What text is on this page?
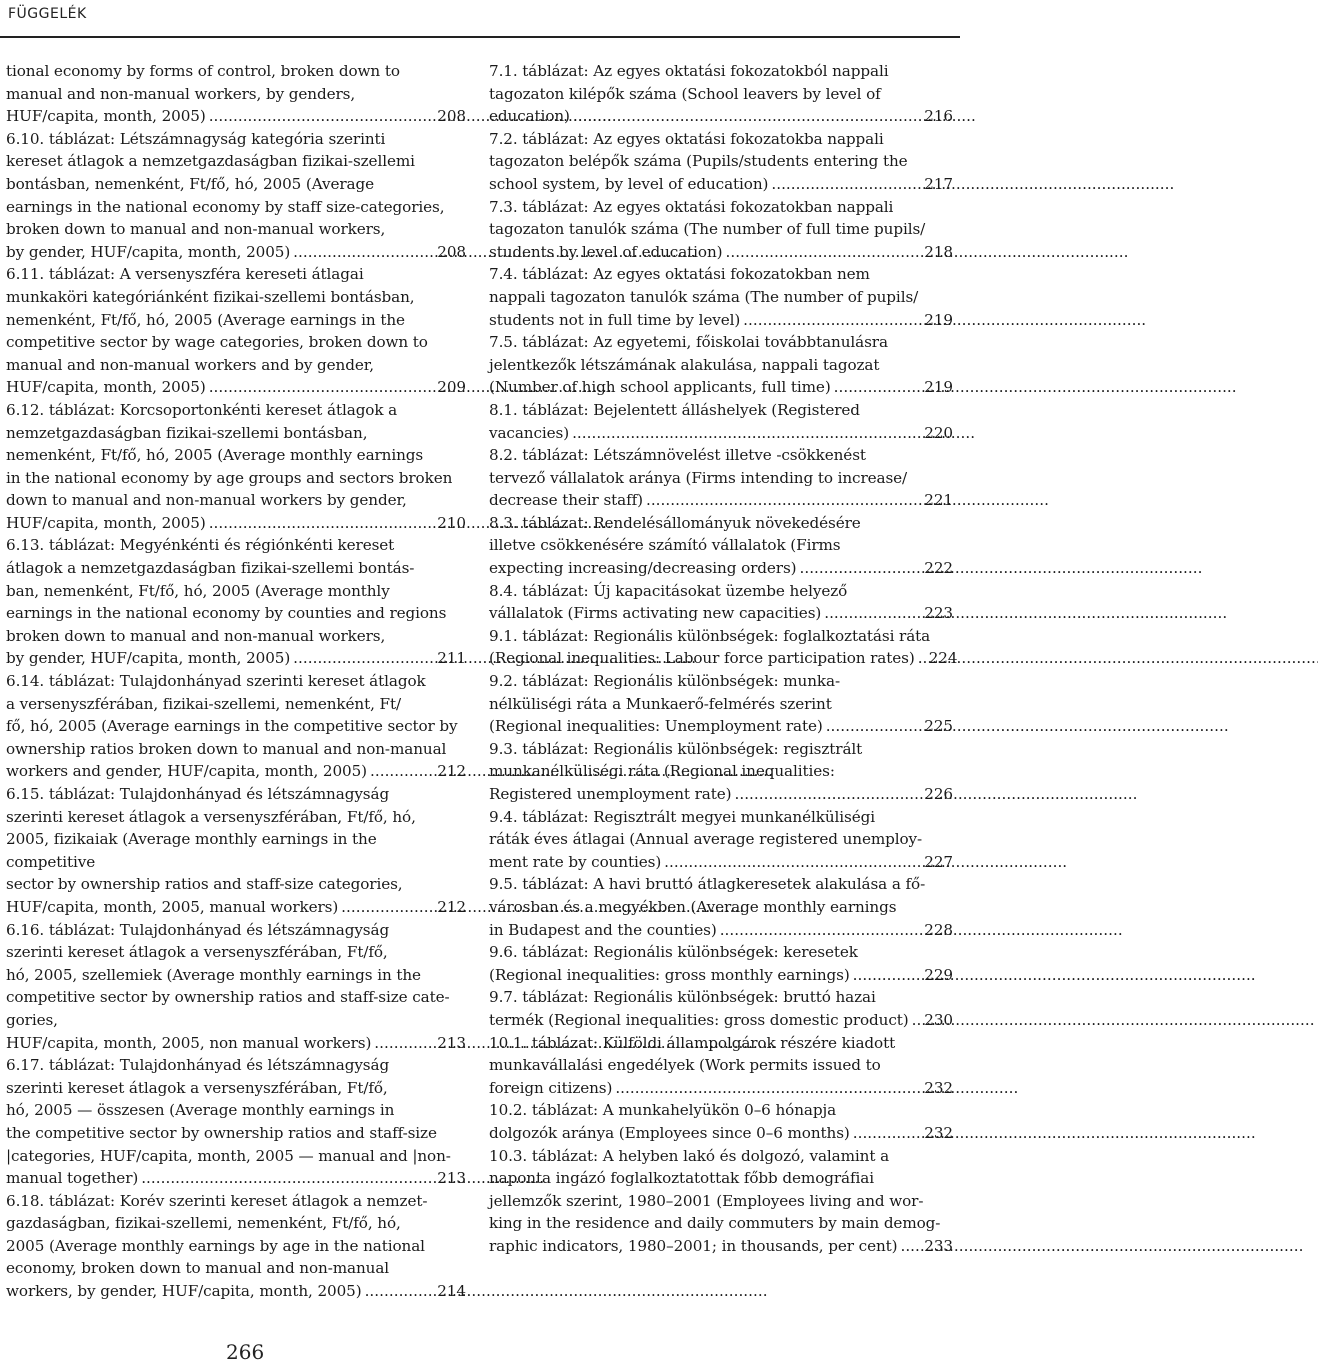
FÜGGELÉK
tional economy by forms of control, broken down to
manual and non-manual workers, by genders,
HUF/capita, month, 2005) . . .	208
6.10. táblázat: Létszámnagyság kategória szerinti
kereset átlagok a nemzetgazdaságban fizikai-szellemi
bontásban, nemenként, Ft/fő, hó, 2005 (Average
earnings in the national economy by staff size-categories,
broken down to manual and non-manual workers,
by gender, HUF/capita, month, 2005) . . .	208
6.11. táblázat: A versenyszféra kereseti átlagai
munkaköri kategóriánként fizikai-szellemi bontásban,
nemenként, Ft/fő, hó, 2005 (Average earnings in the
competitive sector by wage categories, broken down to
manual and non-manual workers and by gender,
HUF/capita, month, 2005) . . .	209
6.12. táblázat: Korcsoportonkénti kereset átlagok a
nemzetgazdaságban fizikai-szellemi bontásban,
nemenként, Ft/fő, hó, 2005 (Average monthly earnings
in the national economy by age groups and sectors broken
down to manual and non-manual workers by gender,
HUF/capita, month, 2005) . . .	210
6.13. táblázat: Megyénkénti és régiónkénti kereset
átlagok a nemzetgazdaságban fizikai-szellemi bontás-
ban, nemenként, Ft/fő, hó, 2005 (Average monthly
earnings in the national economy by counties and regions
broken down to manual and non-manual workers,
by gender, HUF/capita, month, 2005) . . .	211
6.14. táblázat: Tulajdonhányad szerinti kereset átlagok
a versenyszférában, fizikai-szellemi, nemenként, Ft/
fő, hó, 2005 (Average earnings in the competitive sector by
ownership ratios broken down to manual and non-manual
workers and gender, HUF/capita, month, 2005) . . .	212
6.15. táblázat: Tulajdonhányad és létszámnagyság
szerinti kereset átlagok a versenyszférában, Ft/fő, hó,
2005, fizikaiak (Average monthly earnings in the competitive
sector by ownership ratios and staff-size categories,
HUF/capita, month, 2005, manual workers) . . .	212
6.16. táblázat: Tulajdonhányad és létszámnagyság
szerinti kereset átlagok a versenyszférában, Ft/fő,
hó, 2005, szellemiek (Average monthly earnings in the
competitive sector by ownership ratios and staff-size cate-gories,
HUF/capita, month, 2005, non manual workers) . . .	213
6.17. táblázat: Tulajdonhányad és létszámnagyság
szerinti kereset átlagok a versenyszférában, Ft/fő,
hó, 2005 — összesen (Average monthly earnings in
the competitive sector by ownership ratios and staff-size
|categories, HUF/capita, month, 2005 — manual and |non-
manual together) . . .	213
6.18. táblázat: Korév szerinti kereset átlagok a nemzet-
gazdaságban, fizikai-szellemi, nemenként, Ft/fő, hó,
2005 (Average monthly earnings by age in the national
economy, broken down to manual and non-manual
workers, by gender, HUF/capita, month, 2005) . . .	214
7.1. táblázat: Az egyes oktatási fokozatokból nappali
tagozaton kilépők száma (School leavers by level of
education) . . .	216
7.2. táblázat: Az egyes oktatási fokozatokba nappali
tagozaton belépők száma (Pupils/students entering the
school system, by level of education) . . .	217
7.3. táblázat: Az egyes oktatási fokozatokban nappali
tagozaton tanulók száma (The number of full time pupils/
students by level of education) . . .	218
7.4. táblázat: Az egyes oktatási fokozatokban nem
nappali tagozaton tanulók száma (The number of pupils/
students not in full time by level) . . .	219
7.5. táblázat: Az egyetemi, főiskolai továbbtanulásra
jelentkezők létszámának alakulása, nappali tagozat
(Number of high school applicants, full time) . . .	219
8.1. táblázat: Bejelentett álláshelyek (Registered
vacancies) . . .	220
8.2. táblázat: Létszámnövelést illetve -csökkenést
tervező vállalatok aránya (Firms intending to increase/
decrease their staff) . . .	221
8.3. táblázat: Rendelésállományuk növekedésére
illetve csökkenésére számító vállalatok (Firms
expecting increasing/decreasing orders) . . .	222
8.4. táblázat: Új kapacitásokat üzembe helyező
vállalatok (Firms activating new capacities) . . .	223
9.1. táblázat: Regionális különbségek: foglalkoztatási ráta
(Regional inequalities: Labour force participation rates) . . . 224
9.2. táblázat: Regionális különbségek: munka-
nélküliségi ráta a Munkaerő-felmérés szerint
(Regional inequalities: Unemployment rate) . . .	225
9.3. táblázat: Regionális különbségek: regisztrált
munkanélküliségi ráta (Regional inequalities:
Registered unemployment rate) . . .	226
9.4. táblázat: Regisztrált megyei munkanélküliségi
ráták éves átlagai (Annual average registered unemploy-
ment rate by counties) . . .	227
9.5. táblázat: A havi bruttó átlagkeresetek alakulása a fő-
városban és a megyékben (Average monthly earnings
in Budapest and the counties) . . .	228
9.6. táblázat: Regionális különbségek: keresetek
(Regional inequalities: gross monthly earnings) . . .	229
9.7. táblázat: Regionális különbségek: bruttó hazai
termék (Regional inequalities: gross domestic product) . . . 230
10.1. táblázat: Külföldi állampolgárok részére kiadott
munkavállalási engedélyek (Work permits issued to
foreign citizens) . . .	232
10.2. táblázat: A munkahelyükön 0–6 hónapja
dolgozók aránya (Employees since 0–6 months) . . .	232
10.3. táblázat: A helyben lakó és dolgozó, valamint a
naponta ingázó foglalkoztatottak főbb demográfiai
jellemzők szerint, 1980–2001 (Employees living and wor-
king in the residence and daily commuters by main demog-
raphic indicators, 1980–2001; in thousands, per cent) . . . 233
266
